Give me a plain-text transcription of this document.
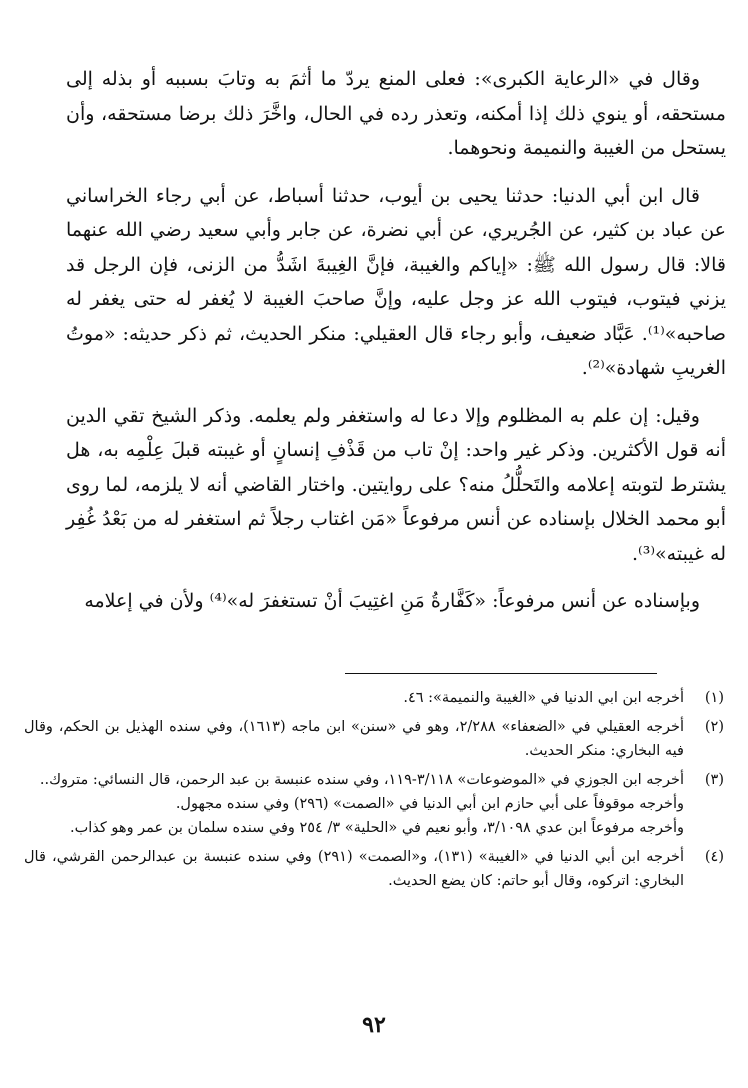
وقال في «الرعاية الكبرى»: فعلى المنع يردّ ما أثمَ به وتابَ بسببه أو بذله إلى مستحقه، أو ينوي ذلك إذا أمكنه، وتعذر رده في الحال، واخَّرَ ذلك برضا مستحقه، وأن يستحل من الغيبة والنميمة ونحوهما.

قال ابن أبي الدنيا: حدثنا يحيى بن أيوب، حدثنا أسباط، عن أبي رجاء الخراساني عن عباد بن كثير، عن الجُريري، عن أبي نضرة، عن جابر وأبي سعيد رضي الله عنهما قالا: قال رسول الله ﷺ: «إياكم والغيبة، فإنَّ الغِيبةَ اشَدُّ من الزنى، فإن الرجل قد يزني فيتوب، فيتوب الله عز وجل عليه، وإنَّ صاحبَ الغيبة لا يُغفر له حتى يغفر له صاحبه»⁽¹⁾. عَبَّاد ضعيف، وأبو رجاء قال العقيلي: منكر الحديث، ثم ذكر حديثه: «موتُ الغريبِ شهادة»⁽²⁾.

وقيل: إن علم به المظلوم وإلا دعا له واستغفر ولم يعلمه. وذكر الشيخ تقي الدين أنه قول الأكثرين. وذكر غير واحد: إنْ تاب من قَذْفِ إنسانٍ أو غيبته قبلَ عِلْمِه به، هل يشترط لتوبته إعلامه والتَحلُّلُ منه؟ على روايتين. واختار القاضي أنه لا يلزمه، لما روى أبو محمد الخلال بإسناده عن أنس مرفوعاً «مَن اغتاب رجلاً ثم استغفر له من بَعْدُ غُفِر له غيبته»⁽³⁾.

وبإسناده عن أنس مرفوعاً: «كَفَّارةُ مَنِ اغتِيبَ أنْ تستغفرَ له»⁽⁴⁾ ولأن في إعلامه

(١)

أخرجه ابن ابي الدنيا في «الغيبة والنميمة»: ٤٦.

(٢)

أخرجه العقيلي في «الضعفاء» ٢/٢٨٨، وهو في «سنن» ابن ماجه (١٦١٣)، وفي سنده الهذيل بن الحكم، وقال فيه البخاري: منكر الحديث.

(٣)

أخرجه ابن الجوزي في «الموضوعات» ٣/١١٨-١١٩، وفي سنده عنبسة بن عبد الرحمن، قال النسائي: متروك..

وأخرجه موقوفاً على أبي حازم ابن أبي الدنيا في «الصمت» (٢٩٦) وفي سنده مجهول.

وأخرجه مرفوعاً ابن عدي ٣/١٠٩٨، وأبو نعيم في «الحلية» ٣/ ٢٥٤ وفي سنده سلمان بن عمر وهو كذاب.

(٤)

أخرجه ابن أبي الدنيا في «الغيبة» (١٣١)، و«الصمت» (٢٩١) وفي سنده عنبسة بن عبدالرحمن القرشي، قال البخاري: اتركوه، وقال أبو حاتم: كان يضع الحديث.

٩٢
